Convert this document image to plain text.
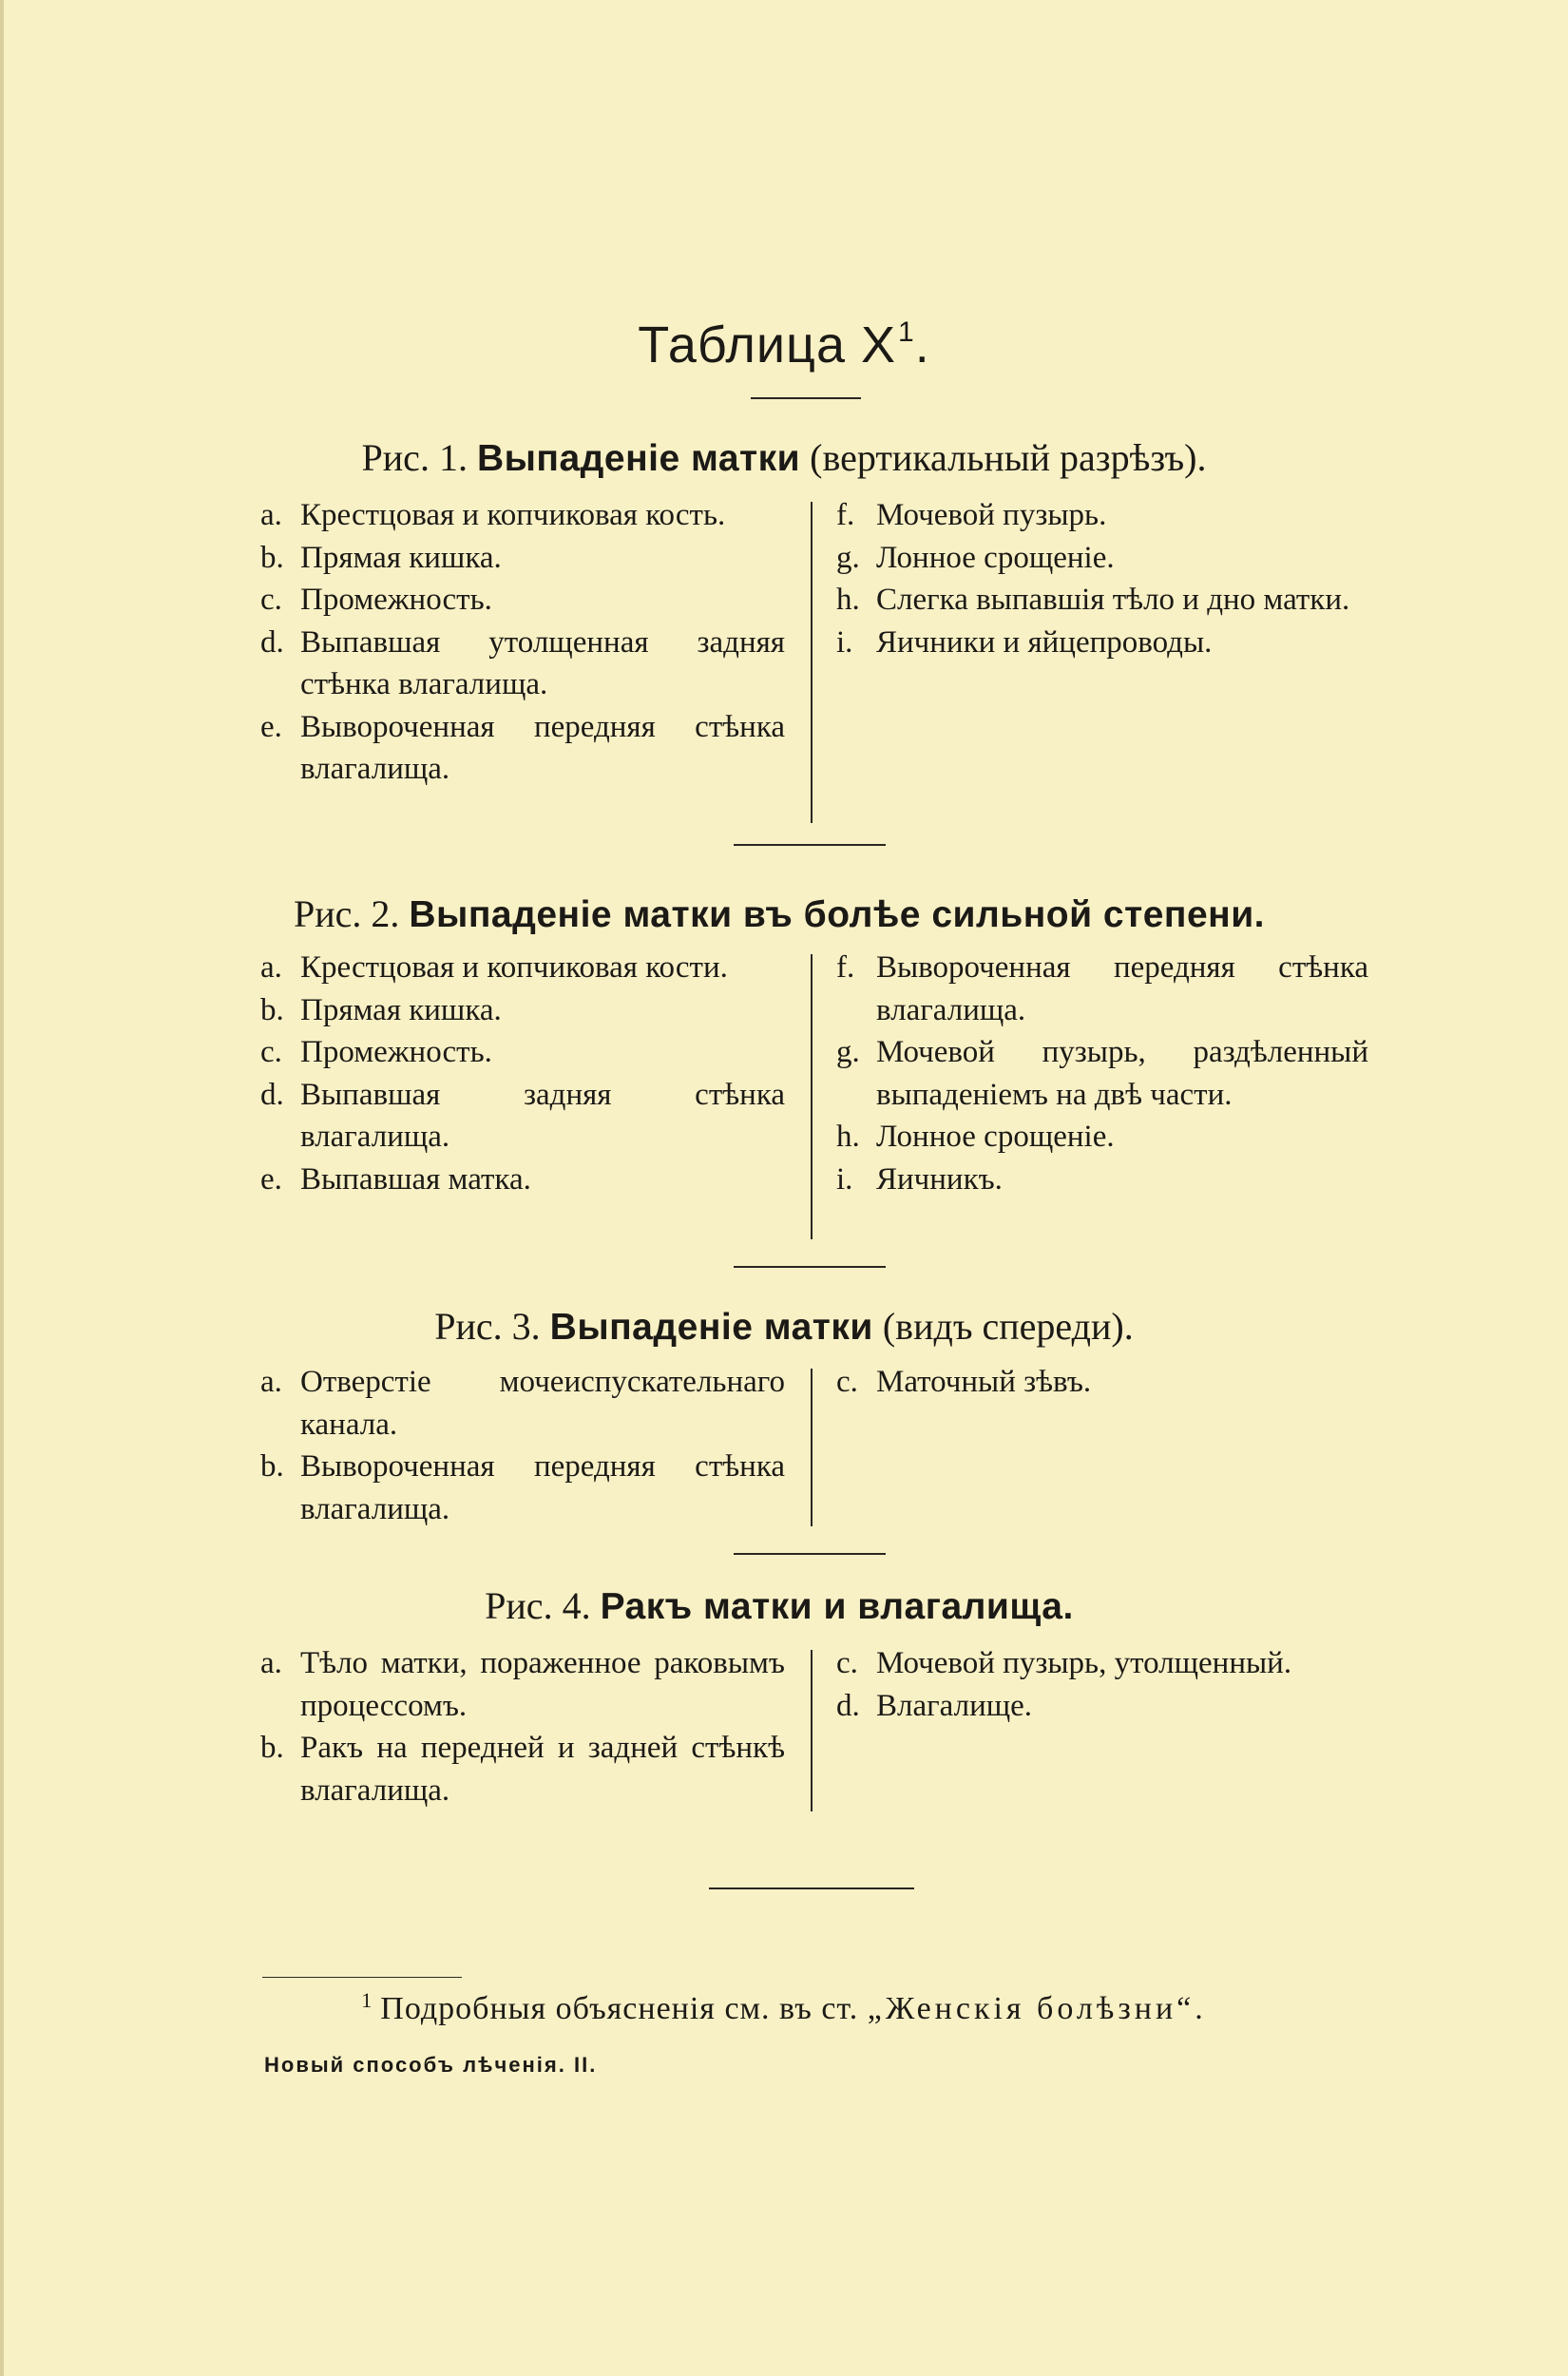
Таблица $X^1$.
Рис. 1. Выпаденіе матки (вертикальный разрѣзъ).
a. Крестцовая и копчиковая кость.
b. Прямая кишка.
c. Промежность.
d. Выпавшая утолщенная задняя стѣнка влагалища.
e. Вывороченная передняя стѣнка влагалища.
f. Мочевой пузырь.
g. Лонное срощеніе.
h. Слегка выпавшія тѣло и дно матки.
i. Яичники и яйцепроводы.
Рис. 2. Выпаденіе матки въ болѣе сильной степени.
a. Крестцовая и копчиковая кости.
b. Прямая кишка.
c. Промежность.
d. Выпавшая задняя стѣнка влагалища.
e. Выпавшая матка.
f. Вывороченная передняя стѣнка влагалища.
g. Мочевой пузырь, раздѣленный выпаденіемъ на двѣ части.
h. Лонное срощеніе.
i. Яичникъ.
Рис. 3. Выпаденіе матки (видъ спереди).
a. Отверстіе мочеиспускательнаго канала.
b. Вывороченная передняя стѣнка влагалища.
c. Маточный зѣвъ.
Рис. 4. Ракъ матки и влагалища.
a. Тѣло матки, пораженное раковымъ процессомъ.
b. Ракъ на передней и задней стѣнкѣ влагалища.
c. Мочевой пузырь, утолщенный.
d. Влагалище.
$^1$ Подробныя объясненія см. въ ст. „Женскія болѣзни“.
Новый способъ лѣченія. II.
